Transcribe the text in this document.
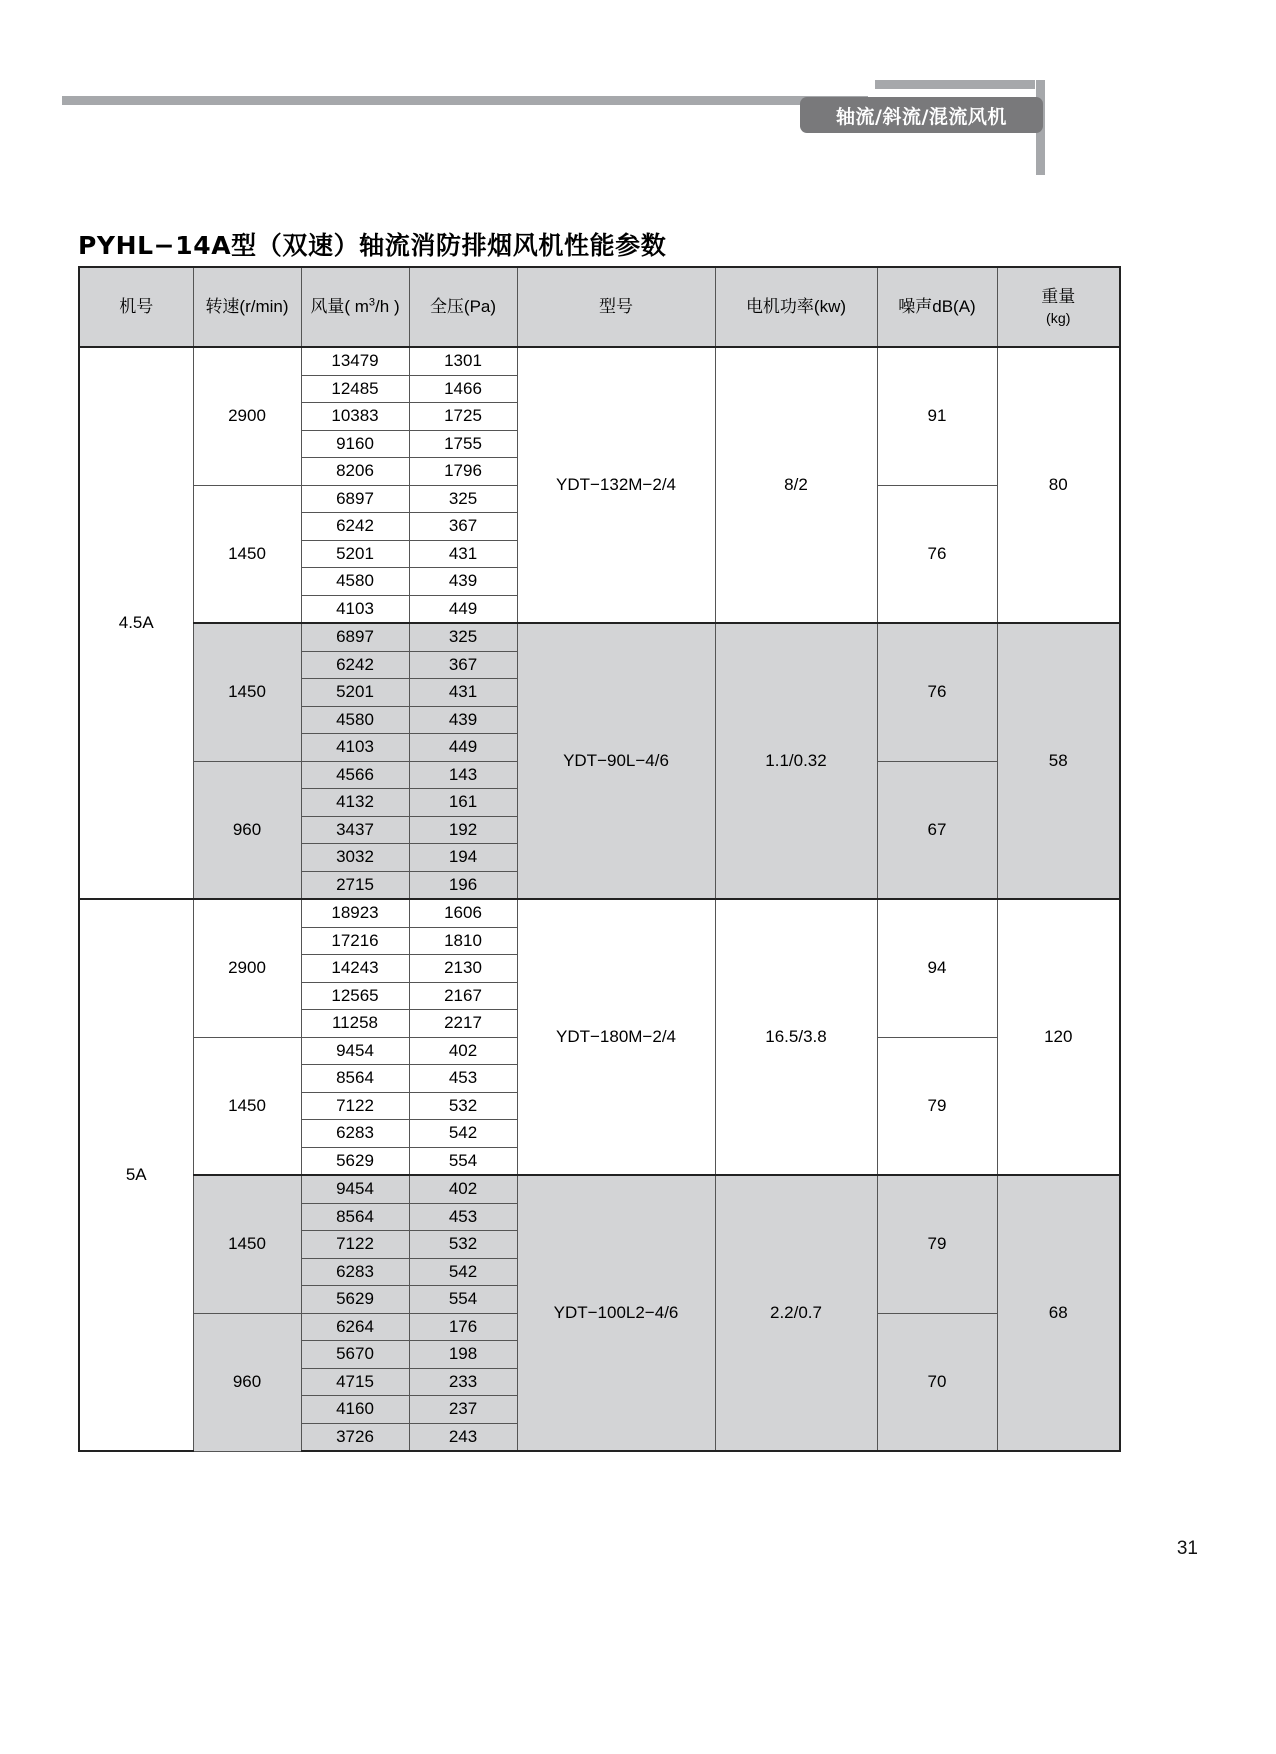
轴流/斜流/混流风机
PYHL−14A型（双速）轴流消防排烟风机性能参数
机号	转速(r/min)	风量( $m^3/h$ )	全压(Pa)	型号	电机功率(kw)	噪声dB(A)	重量
(kg)
4.5A	2900	13479	1301	YDT−132M−2/4	8/2	91	80
		12485	1466				
		10383	1725				
		9160	1755				
		8206	1796				
	1450	6897	325			76	
		6242	367				
		5201	431				
		4580	439				
		4103	449				
	1450	6897	325	YDT−90L−4/6	1.1/0.32	76	58
		6242	367				
		5201	431				
		4580	439				
		4103	449				
	960	4566	143			67	
		4132	161				
		3437	192				
		3032	194				
		2715	196				
5A	2900	18923	1606	YDT−180M−2/4	16.5/3.8	94	120
		17216	1810				
		14243	2130				
		12565	2167				
		11258	2217				
	1450	9454	402			79	
		8564	453				
		7122	532				
		6283	542				
		5629	554				
	1450	9454	402	YDT−100L2−4/6	2.2/0.7	79	68
		8564	453				
		7122	532				
		6283	542				
		5629	554				
	960	6264	176			70	
		5670	198				
		4715	233				
		4160	237				
		3726	243				
31
